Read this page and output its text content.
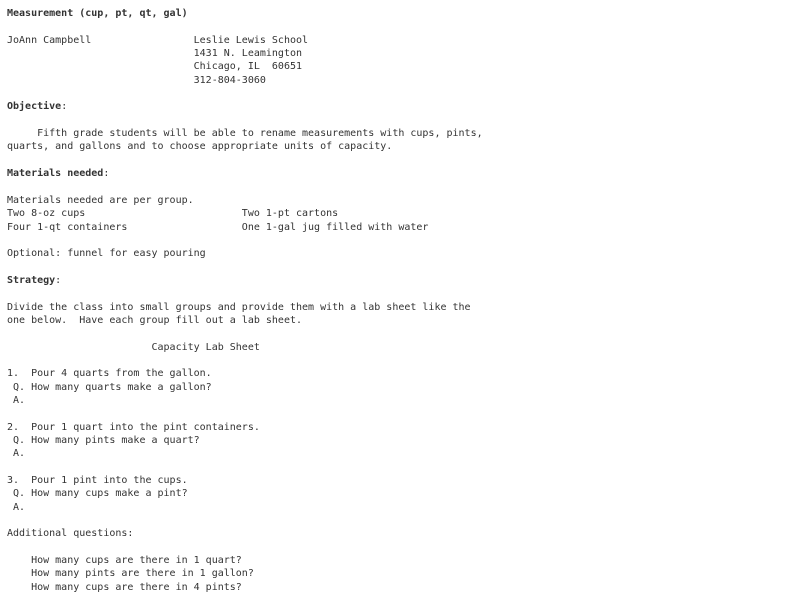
Measurement (cup, pt, qt, gal)
JoAnn Campbell                 Leslie Lewis School
1431 N. Leamington
Chicago, IL  60651
312-804-3060
Objective:
Fifth grade students will be able to rename measurements with cups, pints,
quarts, and gallons and to choose appropriate units of capacity.
Materials needed:
Materials needed are per group.
Two 8-oz cups                          Two 1-pt cartons
Four 1-qt containers                   One 1-gal jug filled with water
Optional: funnel for easy pouring
Strategy:
Divide the class into small groups and provide them with a lab sheet like the
one below.  Have each group fill out a lab sheet.
Capacity Lab Sheet
1.  Pour 4 quarts from the gallon.
Q. How many quarts make a gallon?
A.
2.  Pour 1 quart into the pint containers.
Q. How many pints make a quart?
A.
3.  Pour 1 pint into the cups.
Q. How many cups make a pint?
A.
Additional questions:
How many cups are there in 1 quart?
How many pints are there in 1 gallon?
How many cups are there in 4 pints?
